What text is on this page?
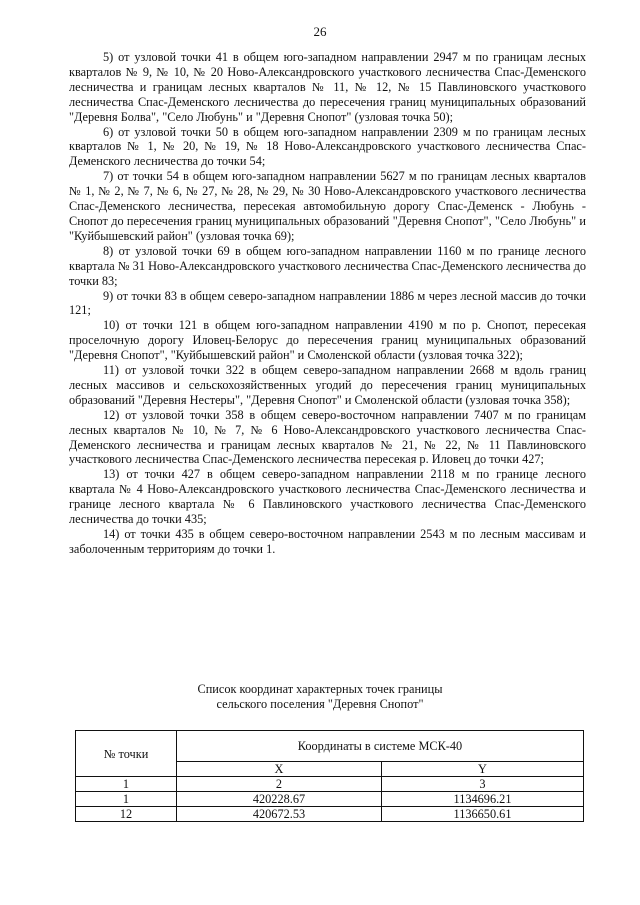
26

5) от узловой точки 41 в общем юго-западном направлении 2947 м по границам лесных кварталов № 9, № 10, № 20 Ново-Александровского участкового лесничества Спас-Деменского лесничества и границам лесных кварталов № 11, № 12, № 15 Павлиновского участкового лесничества Спас-Деменского лесничества до пересечения границ муниципальных образований "Деревня Болва", "Село Любунь" и "Деревня Снопот" (узловая точка 50);

6) от узловой точки 50 в общем юго-западном направлении 2309 м по границам лесных кварталов № 1, № 20, № 19, № 18 Ново-Александровского участкового лесничества Спас-Деменского лесничества до точки 54;

7) от точки 54 в общем юго-западном направлении 5627 м по границам лесных кварталов № 1, № 2, № 7, № 6, № 27, № 28, № 29, № 30 Ново-Александровского участкового лесничества Спас-Деменского лесничества, пересекая автомобильную дорогу Спас-Деменск - Любунь - Снопот до пересечения границ муниципальных образований "Деревня Снопот", "Село Любунь" и "Куйбышевский район" (узловая точка 69);

8) от узловой точки 69 в общем юго-западном направлении 1160 м по границе лесного квартала № 31 Ново-Александровского участкового лесничества Спас-Деменского лесничества до точки 83;

9) от точки 83 в общем северо-западном направлении 1886 м через лесной массив до точки 121;

10) от точки 121 в общем юго-западном направлении 4190 м по р. Снопот, пересекая проселочную дорогу Иловец-Белорус до пересечения границ муниципальных образований "Деревня Снопот", "Куйбышевский район" и Смоленской области (узловая точка 322);

11) от узловой точки 322 в общем северо-западном направлении 2668 м вдоль границ лесных массивов и сельскохозяйственных угодий до пересечения границ муниципальных образований "Деревня Нестеры", "Деревня Снопот" и Смоленской области (узловая точка 358);

12) от узловой точки 358 в общем северо-восточном направлении 7407 м по границам лесных кварталов № 10, № 7, № 6 Ново-Александровского участкового лесничества Спас-Деменского лесничества и границам лесных кварталов № 21, № 22, № 11 Павлиновского участкового лесничества Спас-Деменского лесничества пересекая р. Иловец до точки 427;

13) от точки 427 в общем северо-западном направлении 2118 м по границе лесного квартала № 4 Ново-Александровского участкового лесничества Спас-Деменского лесничества и границе лесного квартала № 6 Павлиновского участкового лесничества Спас-Деменского лесничества до точки 435;

14) от точки 435 в общем северо-восточном направлении 2543 м по лесным массивам и заболоченным территориям до точки 1.

Список координат характерных точек границы
сельского поселения "Деревня Снопот"
№ точки	Координаты в системе МСК-40	
	X	Y
1	2	3
1	420228.67	1134696.21
12	420672.53	1136650.61
